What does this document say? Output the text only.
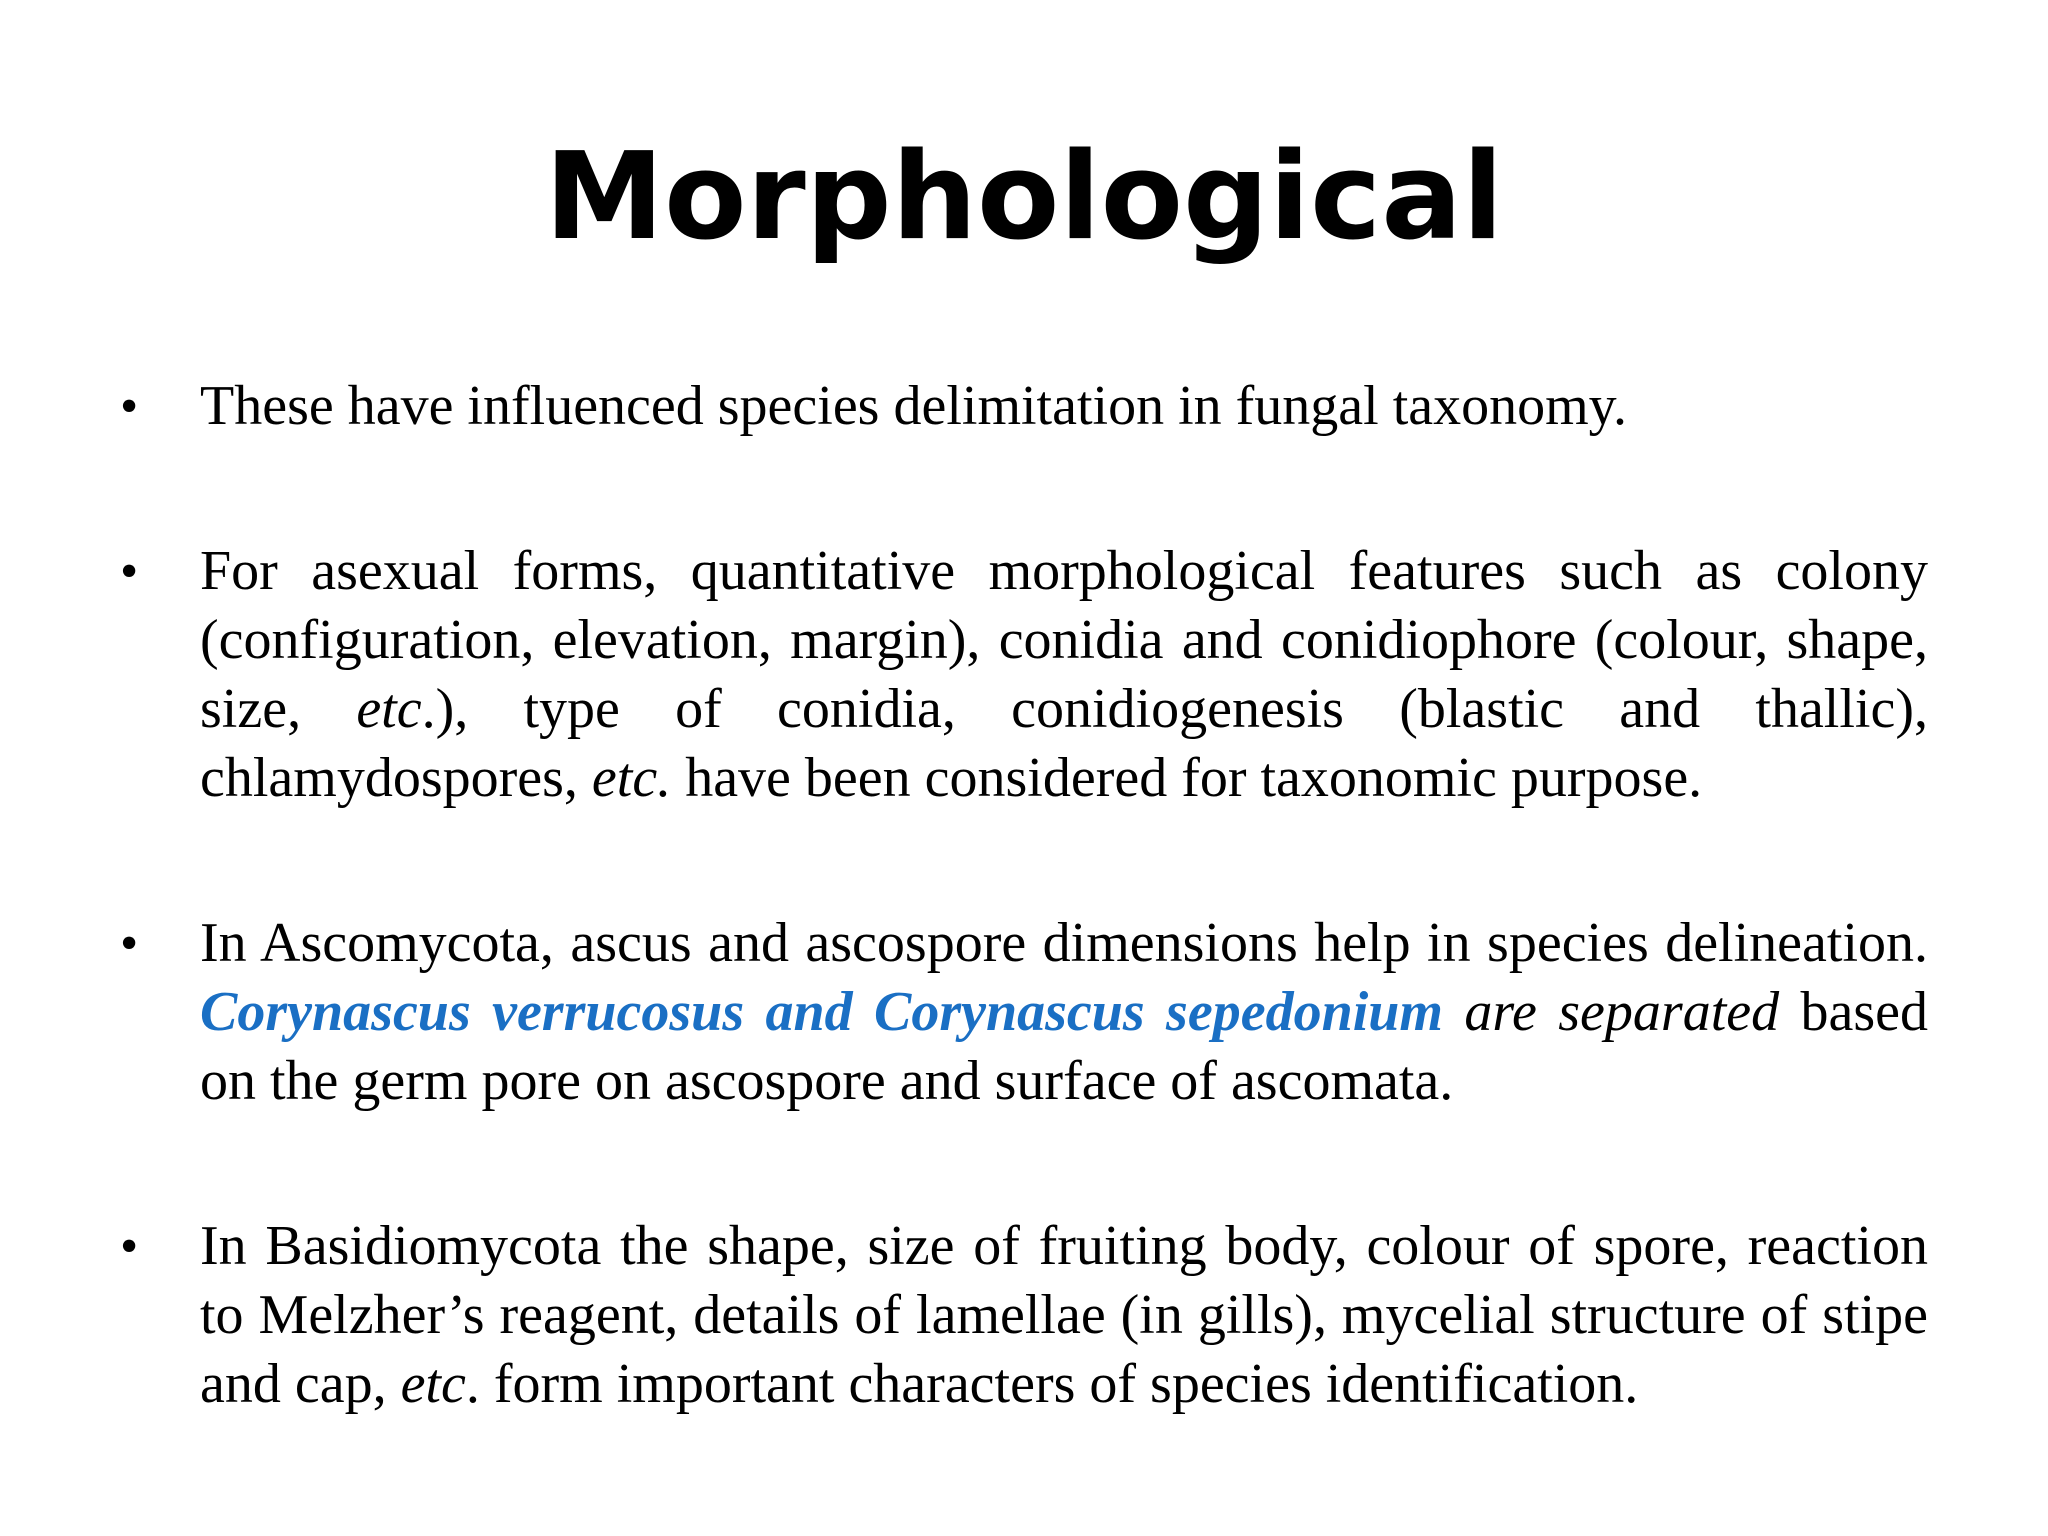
Morphological
•	These have influenced species delimitation in fungal taxonomy.
•	For asexual forms, quantitative morphological features such as colony (configuration, elevation, margin), conidia and conidiophore (colour, shape, size, etc.), type of conidia, conidiogenesis (blastic and thallic), chlamydospores, etc. have been considered for taxonomic purpose.
•	In Ascomycota, ascus and ascospore dimensions help in species delineation. Corynascus verrucosus and Corynascus sepedonium are separated based on the germ pore on ascospore and surface of ascomata.
•	In Basidiomycota the shape, size of fruiting body, colour of spore, reaction to Melzher’s reagent, details of lamellae (in gills), mycelial structure of stipe and cap, etc. form important characters of species identification.
